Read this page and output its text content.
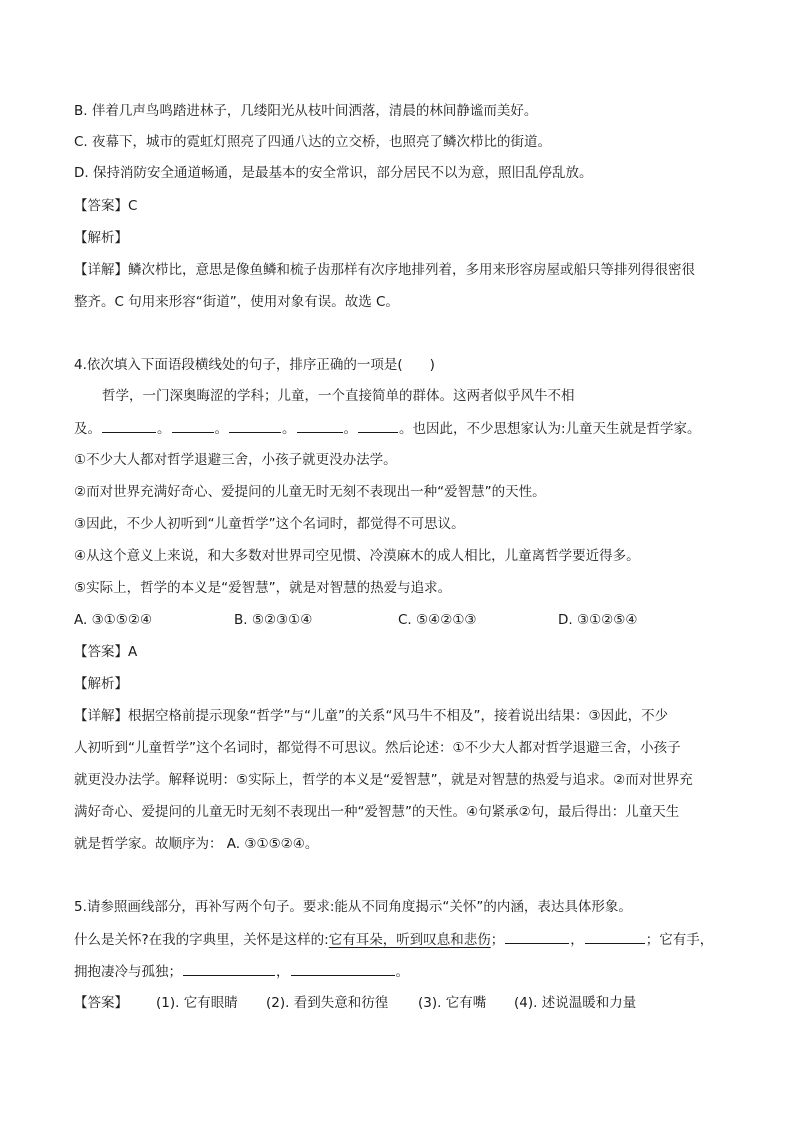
B. 伴着几声鸟鸣踏进林子，几缕阳光从枝叶间洒落，清晨的林间静谧而美好。
C. 夜幕下，城市的霓虹灯照亮了四通八达的立交桥，也照亮了鳞次栉比的街道。
D. 保持消防安全通道畅通，是最基本的安全常识，部分居民不以为意，照旧乱停乱放。
【答案】C
【解析】
【详解】鳞次栉比，意思是像鱼鳞和梳子齿那样有次序地排列着，多用来形容房屋或船只等排列得很密很
整齐。C 句用来形容“街道”，使用对象有误。故选 C。
4.依次填入下面语段横线处的句子，排序正确的一项是(　　)
哲学，一门深奥晦涩的学科；儿童，一个直接简单的群体。这两者似乎风牛不相
及。	。	。	。	。	。也因此，不少思想家认为:儿童天生就是哲学家。
①不少大人都对哲学退避三舍，小孩子就更没办法学。
②而对世界充满好奇心、爱提问的儿童无时无刻不表现出一种“爱智慧”的天性。
③因此，不少人初听到“儿童哲学”这个名词时，都觉得不可思议。
④从这个意义上来说，和大多数对世界司空见惯、冷漠麻木的成人相比，儿童离哲学要近得多。
⑤实际上，哲学的本义是“爱智慧”，就是对智慧的热爱与追求。
A. ③①⑤②④	B. ⑤②③①④	C. ⑤④②①③	D. ③①②⑤④
【答案】A
【解析】
【详解】根据空格前提示现象“哲学”与“儿童”的关系“风马牛不相及”，接着说出结果：③因此，不少
人初听到“儿童哲学”这个名词时，都觉得不可思议。然后论述：①不少大人都对哲学退避三舍，小孩子
就更没办法学。解释说明：⑤实际上，哲学的本义是“爱智慧”，就是对智慧的热爱与追求。②而对世界充
满好奇心、爱提问的儿童无时无刻不表现出一种“爱智慧”的天性。④句紧承②句，最后得出：儿童天生
就是哲学家。故顺序为： A. ③①⑤②④。
5.请参照画线部分，再补写两个句子。要求:能从不同角度揭示“关怀”的内涵，表达具体形象。
什么是关怀?在我的字典里，关怀是这样的:它有耳朵，听到叹息和悲伤；	，	；它有手，
拥抱凄冷与孤独；	，	。
【答案】 (1). 它有眼睛 (2). 看到失意和彷徨 (3). 它有嘴 (4). 述说温暖和力量
